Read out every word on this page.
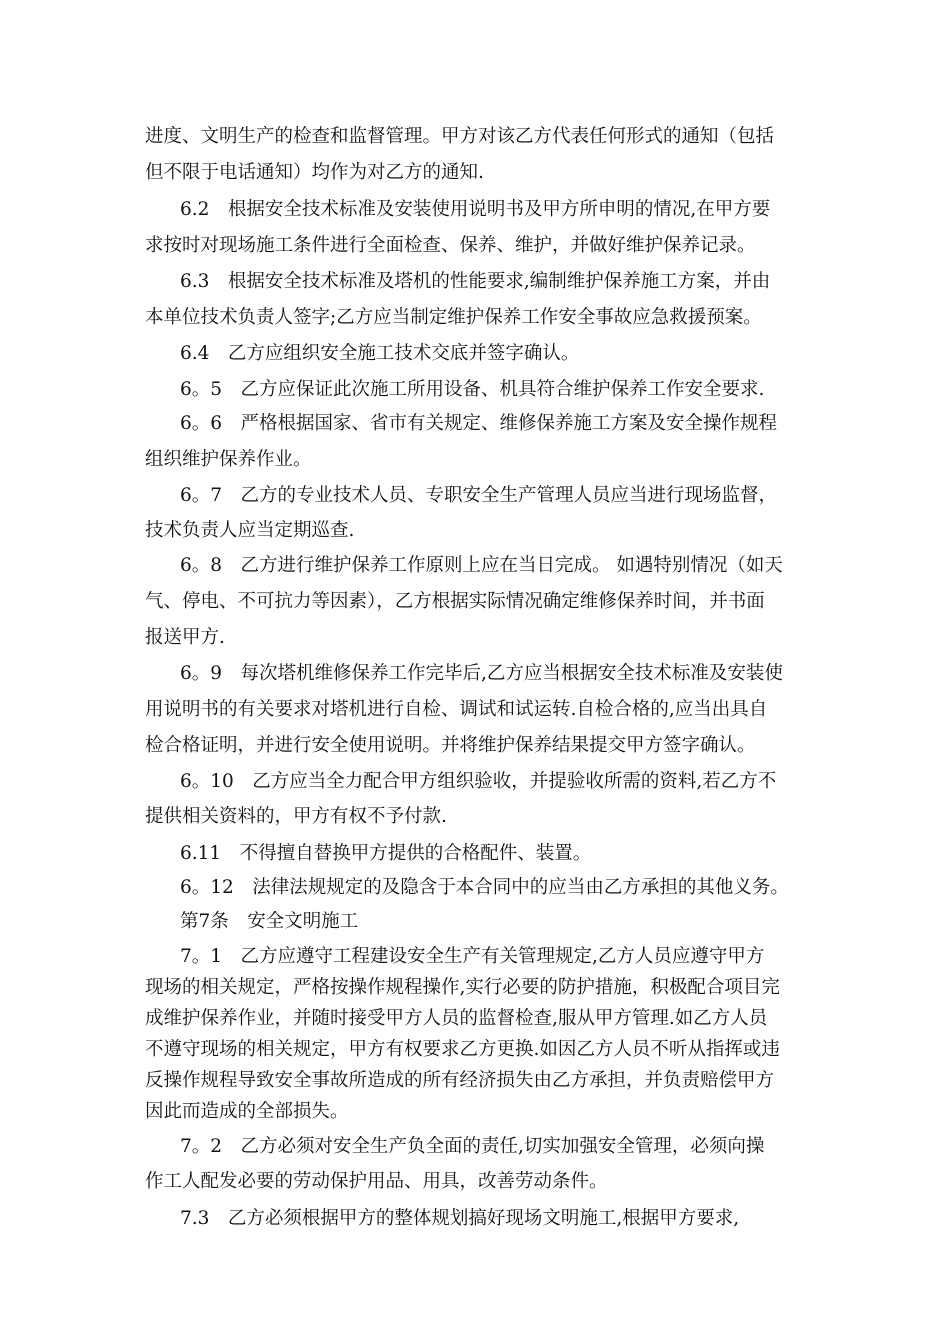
进度、文明生产的检查和监督管理。甲方对该乙方代表任何形式的通知（包括
但不限于电话通知）均作为对乙方的通知.
6.2　根据安全技术标准及安装使用说明书及甲方所申明的情况,在甲方要
求按时对现场施工条件进行全面检查、保养、维护，并做好维护保养记录。
6.3　根据安全技术标准及塔机的性能要求,编制维护保养施工方案，并由
本单位技术负责人签字;乙方应当制定维护保养工作安全事故应急救援预案。
6.4　乙方应组织安全施工技术交底并签字确认。
6。5　乙方应保证此次施工所用设备、机具符合维护保养工作安全要求.
6。6　严格根据国家、省市有关规定、维修保养施工方案及安全操作规程
组织维护保养作业。
6。7　乙方的专业技术人员、专职安全生产管理人员应当进行现场监督，
技术负责人应当定期巡查.
6。8　乙方进行维护保养工作原则上应在当日完成。 如遇特别情况（如天
气、停电、不可抗力等因素），乙方根据实际情况确定维修保养时间，并书面
报送甲方.
6。9　每次塔机维修保养工作完毕后,乙方应当根据安全技术标准及安装使
用说明书的有关要求对塔机进行自检、调试和试运转.自检合格的,应当出具自
检合格证明，并进行安全使用说明。并将维护保养结果提交甲方签字确认。
6。10　乙方应当全力配合甲方组织验收，并提验收所需的资料,若乙方不
提供相关资料的，甲方有权不予付款.
6.11　不得擅自替换甲方提供的合格配件、装置。
6。12　法律法规规定的及隐含于本合同中的应当由乙方承担的其他义务。
第7条　安全文明施工
7。1　乙方应遵守工程建设安全生产有关管理规定,乙方人员应遵守甲方
现场的相关规定，严格按操作规程操作,实行必要的防护措施，积极配合项目完
成维护保养作业，并随时接受甲方人员的监督检查,服从甲方管理.如乙方人员
不遵守现场的相关规定，甲方有权要求乙方更换.如因乙方人员不听从指挥或违
反操作规程导致安全事故所造成的所有经济损失由乙方承担，并负责赔偿甲方
因此而造成的全部损失。
7。2　乙方必须对安全生产负全面的责任,切实加强安全管理，必须向操
作工人配发必要的劳动保护用品、用具，改善劳动条件。
7.3　乙方必须根据甲方的整体规划搞好现场文明施工,根据甲方要求,
